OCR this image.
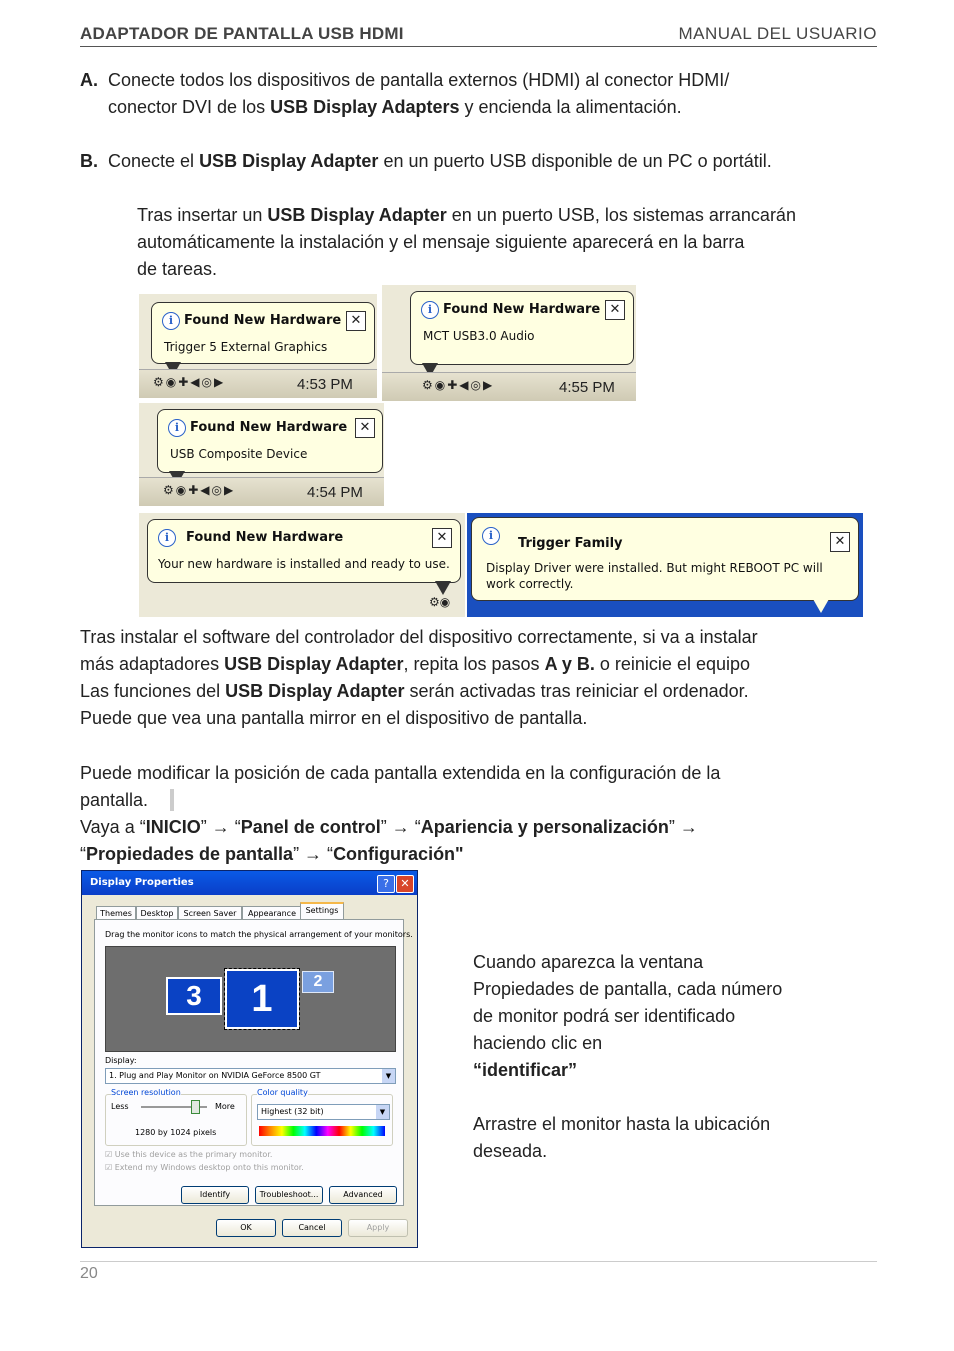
ADAPTADOR DE PANTALLA USB HDMI	MANUAL DEL USUARIO
A. Conecte todos los dispositivos de pantalla externos (HDMI) al conector HDMI/
conector DVI de los USB Display Adapters y encienda la alimentación.
B. Conecte el USB Display Adapter en un puerto USB disponible de un PC o portátil.
Tras insertar un USB Display Adapter en un puerto USB, los sistemas arrancarán
automáticamente la instalación y el mensaje siguiente aparecerá en la barra
de tareas.
i Found New Hardware ✕
Trigger 5 External Graphics
⚙◉✚◀◎▶	4:53 PM
i Found New Hardware ✕
MCT USB3.0 Audio
⚙◉✚◀◎▶	4:55 PM
i Found New Hardware ✕
USB Composite Device
⚙◉✚◀◎▶	4:54 PM
i	Found New Hardware	✕
Your new hardware is installed and ready to use.
⚙◉
i
Trigger Family	✕
Display Driver were installed. But might REBOOT PC will work correctly.
Tras instalar el software del controlador del dispositivo correctamente, si va a instalar
más adaptadores USB Display Adapter, repita los pasos A y B. o reinicie el equipo
Las funciones del USB Display Adapter serán activadas tras reiniciar el ordenador.
Puede que vea una pantalla mirror en el dispositivo de pantalla.
Puede modificar la posición de cada pantalla extendida en la configuración de la
pantalla.
Vaya a “INICIO” → “Panel de control” → “Apariencia y personalización” →
“Propiedades de pantalla” → “Configuración"
Display Properties	?	✕
Themes	Desktop	Screen Saver	Appearance	Settings
Drag the monitor icons to match the physical arrangement of your monitors.
3	1	2
Display:
1. Plug and Play Monitor on NVIDIA GeForce 8500 GT	▼
Screen resolution
Less	More
1280 by 1024 pixels
Color quality
Highest (32 bit)	▼
☑ Use this device as the primary monitor.
☑ Extend my Windows desktop onto this monitor.
Identify	Troubleshoot...	Advanced
OK	Cancel	Apply
Cuando aparezca la ventana
Propiedades de pantalla, cada número
de monitor podrá ser identificado
haciendo clic en
“identificar”
Arrastre el monitor hasta la ubicación
deseada.
20
